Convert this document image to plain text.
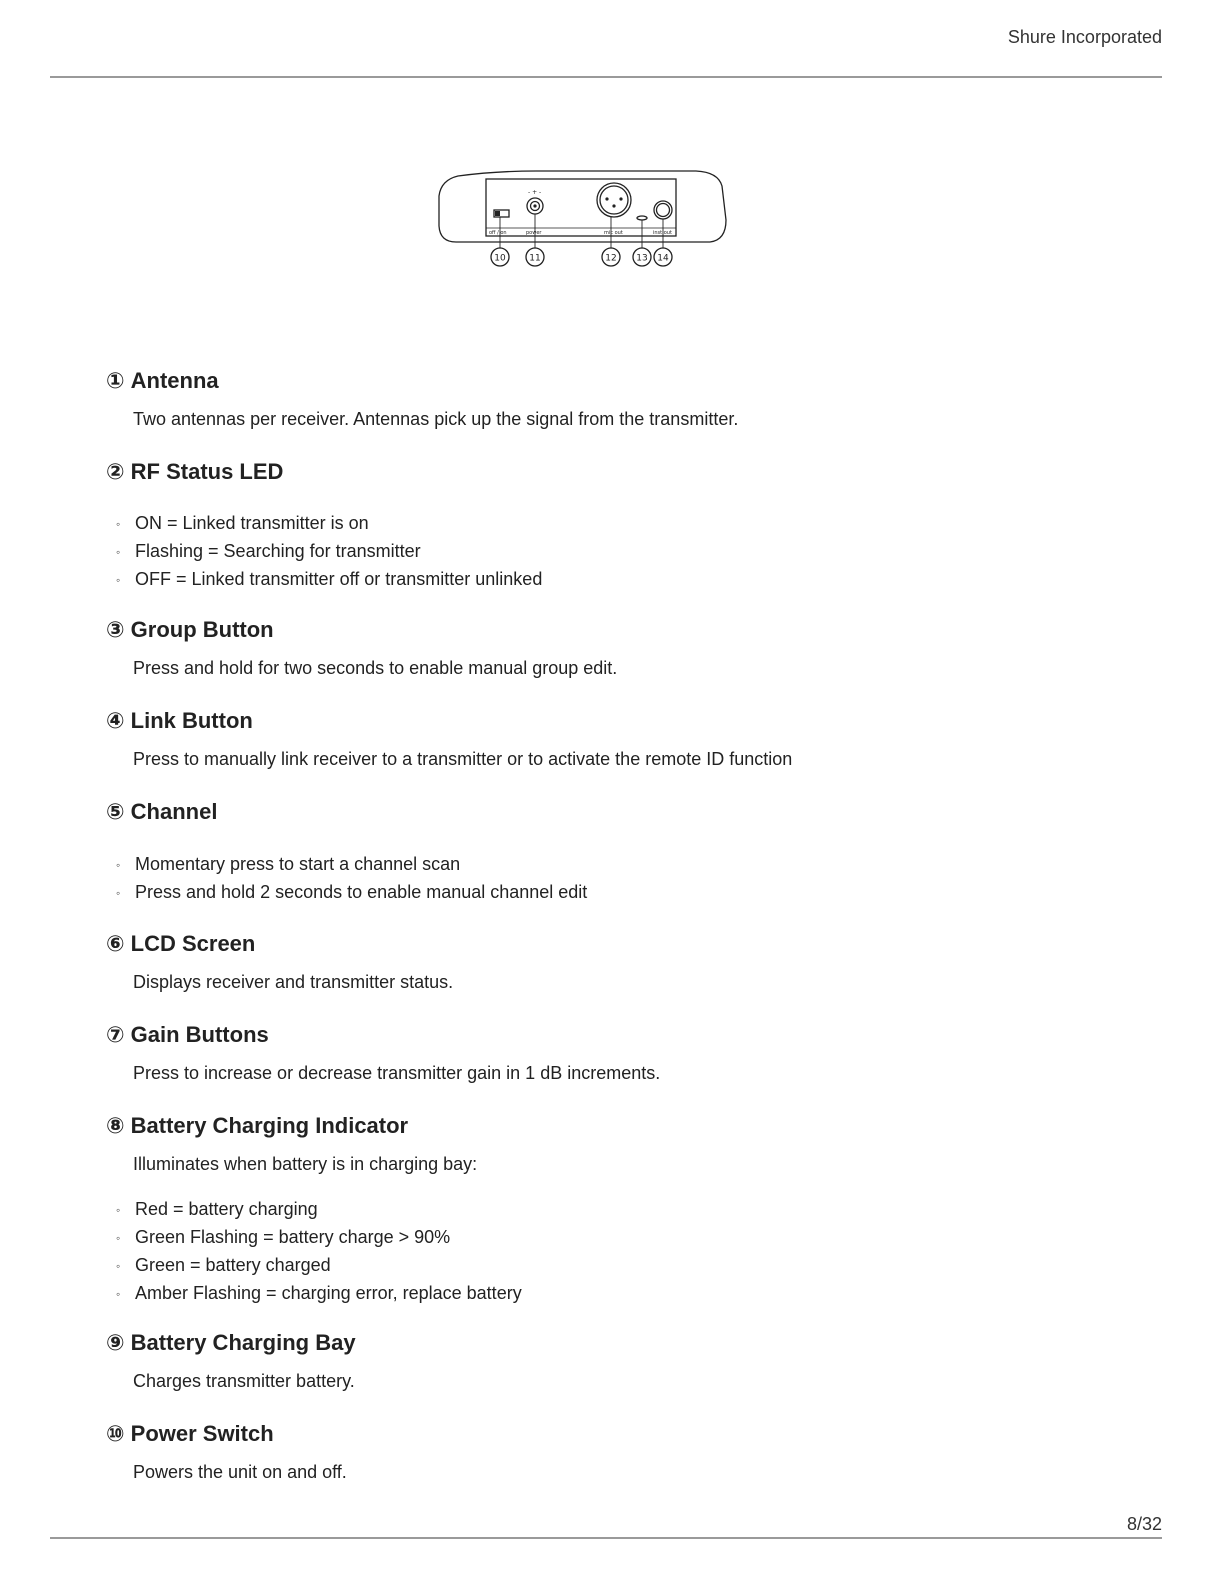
Shure Incorporated
- + -
off / on	power	mic out	inst out
10	11	12 13 14
① Antenna
Two antennas per receiver. Antennas pick up the signal from the transmitter.
② RF Status LED
◦ ON = Linked transmitter is on
◦ Flashing = Searching for transmitter
◦ OFF = Linked transmitter off or transmitter unlinked
③ Group Button
Press and hold for two seconds to enable manual group edit.
④ Link Button
Press to manually link receiver to a transmitter or to activate the remote ID function
⑤ Channel
◦ Momentary press to start a channel scan
◦ Press and hold 2 seconds to enable manual channel edit
⑥ LCD Screen
Displays receiver and transmitter status.
⑦ Gain Buttons
Press to increase or decrease transmitter gain in 1 dB increments.
⑧ Battery Charging Indicator
Illuminates when battery is in charging bay:
◦ Red = battery charging
◦ Green Flashing = battery charge > 90%
◦ Green = battery charged
◦ Amber Flashing = charging error, replace battery
⑨ Battery Charging Bay
Charges transmitter battery.
⑩ Power Switch
Powers the unit on and off.
8/32
